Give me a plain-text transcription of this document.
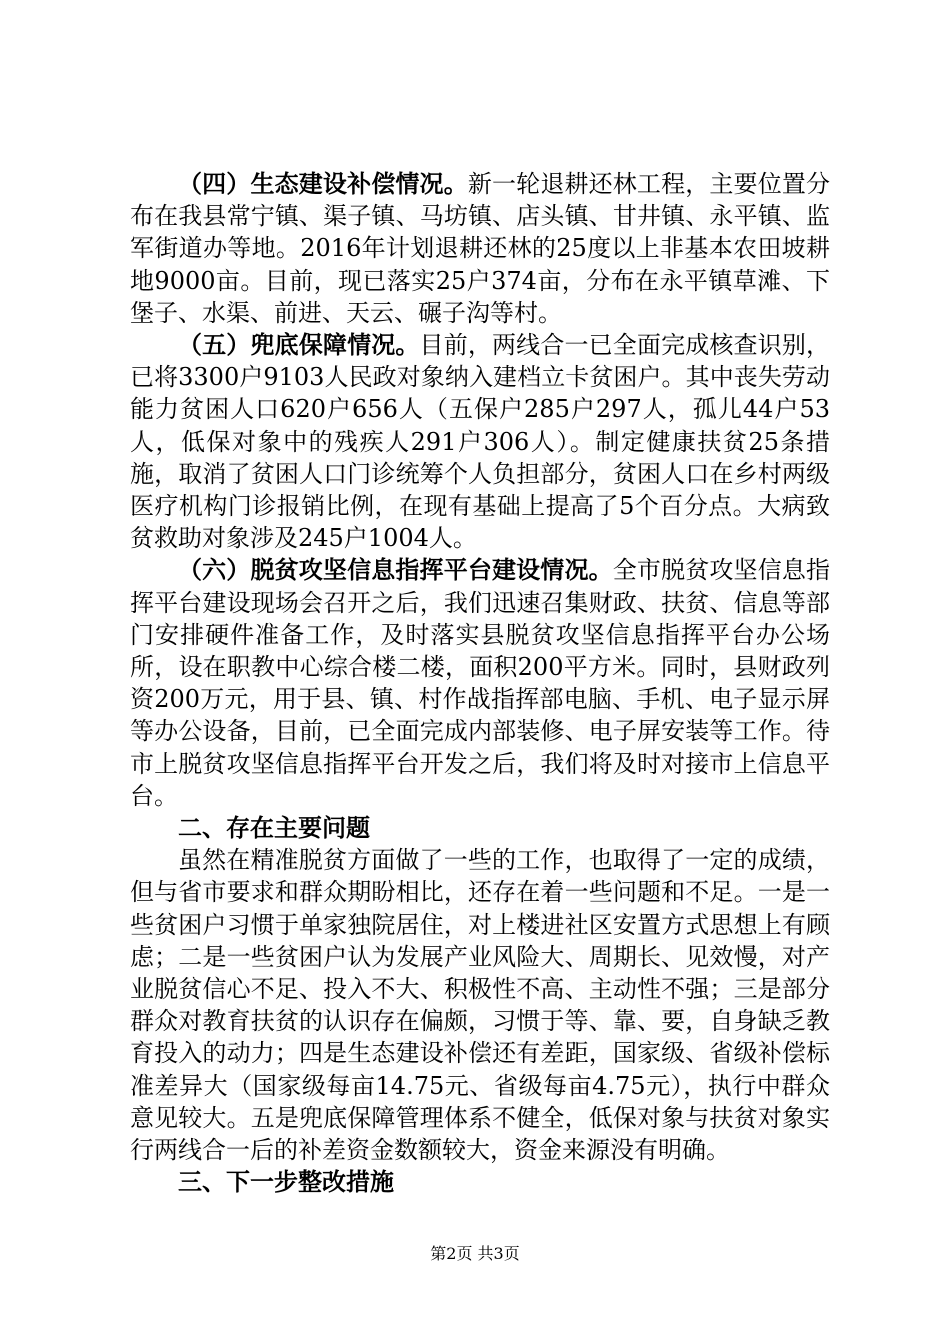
（四）生态建设补偿情况。新一轮退耕还林工程，主要位置分布在我县常宁镇、渠子镇、马坊镇、店头镇、甘井镇、永平镇、监军街道办等地。2016年计划退耕还林的25度以上非基本农田坡耕地9000亩。目前，现已落实25户374亩，分布在永平镇草滩、下堡子、水渠、前进、天云、碾子沟等村。

（五）兜底保障情况。目前，两线合一已全面完成核查识别，已将3300户9103人民政对象纳入建档立卡贫困户。其中丧失劳动能力贫困人口620户656人（五保户285户297人，孤儿44户53人，低保对象中的残疾人291户306人）。制定健康扶贫25条措施，取消了贫困人口门诊统筹个人负担部分，贫困人口在乡村两级医疗机构门诊报销比例，在现有基础上提高了5个百分点。大病致贫救助对象涉及245户1004人。

（六）脱贫攻坚信息指挥平台建设情况。全市脱贫攻坚信息指挥平台建设现场会召开之后，我们迅速召集财政、扶贫、信息等部门安排硬件准备工作，及时落实县脱贫攻坚信息指挥平台办公场所，设在职教中心综合楼二楼，面积200平方米。同时，县财政列资200万元，用于县、镇、村作战指挥部电脑、手机、电子显示屏等办公设备，目前，已全面完成内部装修、电子屏安装等工作。待市上脱贫攻坚信息指挥平台开发之后，我们将及时对接市上信息平台。

二、存在主要问题

虽然在精准脱贫方面做了一些的工作，也取得了一定的成绩，但与省市要求和群众期盼相比，还存在着一些问题和不足。一是一些贫困户习惯于单家独院居住，对上楼进社区安置方式思想上有顾虑；二是一些贫困户认为发展产业风险大、周期长、见效慢，对产业脱贫信心不足、投入不大、积极性不高、主动性不强；三是部分群众对教育扶贫的认识存在偏颇，习惯于等、靠、要，自身缺乏教育投入的动力；四是生态建设补偿还有差距，国家级、省级补偿标准差异大（国家级每亩14.75元、省级每亩4.75元），执行中群众意见较大。五是兜底保障管理体系不健全，低保对象与扶贫对象实行两线合一后的补差资金数额较大，资金来源没有明确。

三、下一步整改措施

第2页 共3页
